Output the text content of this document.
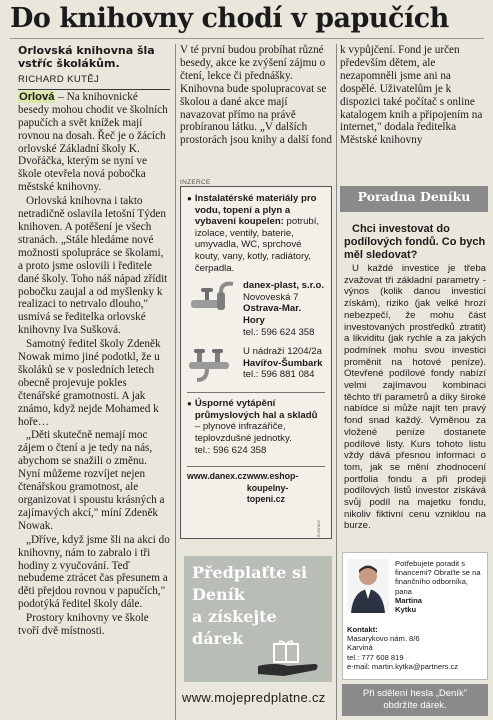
Do knihovny chodí v papučích

Orlovská knihovna šla vstříc školákům.

RICHARD KUTĚJ

Orlová – Na knihovnické besedy mohou chodit ve školních papučích a svět knížek mají rovnou na dosah. Řeč je o žácích orlovské Základní školy K. Dvořáčka, kterým se nyní ve škole otevřela nová pobočka městské knihovny.

Orlovská knihovna i takto netradičně oslavila letošní Týden knihoven. A potěšení je všech stranách. „Stále hledáme nové možnosti spolupráce se školami, a proto jsme oslovili i ředitele dané školy. Toho náš nápad zřídit pobočku zaujal a od myšlenky k realizaci to netrvalo dlouho," usmívá se ředitelka orlovské knihovny Iva Sušková.

Samotný ředitel školy Zdeněk Nowak mimo jiné podotkl, že u školáků se v posledních letech obecně projevuje pokles čtenářské gramotnosti. A jak známo, když nejde Mohamed k hoře…

„Děti skutečně nemají moc zájem o čtení a je tedy na nás, abychom se snažili o změnu. Nyní můžeme rozvíjet nejen čtenářskou gramotnost, ale organizovat i spoustu krásných a zajímavých akcí," míní Zdeněk Nowak.

„Dříve, když jsme šli na akci do knihovny, nám to zabralo i tři hodiny z vyučování. Teď nebudeme ztrácet čas přesunem a děti přejdou rovnou v papučích," podotýká ředitel školy dále.

Prostory knihovny ve škole tvoří dvě místnosti.

V té první budou probíhat různé besedy, akce ke zvýšení zájmu o čtení, lekce či přednášky. Knihovna bude spolupracovat se školou a dané akce mají navazovat přímo na právě probíranou látku. „V dalších prostorách jsou knihy a další fond

k vypůjčení. Fond je určen především dětem, ale nezapomněli jsme ani na dospělé. Uživatelům je k dispozici také počítač s online katalogem knih a připojením na internet," dodala ředitelka Městské knihovny

INZERCE
● Instalatérské materiály pro vodu, topení a plyn a vybavení koupelen: potrubí, izolace, ventily, baterie, umyvadla, WC, sprchové kouty, vany, kotly, radiátory, čerpadla.
danex-plast, s.r.o.
Novoveská 7
Ostrava-Mar. Hory
tel.: 596 624 358
U nádraží 1204/2a
Havířov-Šumbark
tel.: 596 881 084
● Úsporné vytápění průmyslových hal a skladů – plynové infrazářiče, teplovzdušné jednotky.
tel.: 596 624 358
www.danex.cz www.eshop-koupelny-topeni.cz
Poradna Deníku

Chci investovat do podílových fondů. Co bych měl sledovat?

U každé investice je třeba zvažovat tři základní parametry - výnos (kolik danou investicí získám), riziko (jak velké hrozí nebezpečí, že mohu část investovaných prostředků ztratit) a likviditu (jak rychle a za jakých podmínek mohu svou investici proměnit na hotové peníze). Otevřené podílové fondy nabízí velmi zajímavou kombinaci těchto tří parametrů a díky široké nabídce si může najít ten pravý fond snad každý. Vyměnou za vložené peníze dostanete podílové listy. Kurs tohoto listu vždy dává přesnou informaci o tom, jak se mění zhodnocení portfolia fondu a při prodeji podílových listů investor získává svůj podíl na majetku fondu, nikoliv fiktivní cenu vzniklou na burze.

Předplaťte si
Deník
a získejte
dárek
www.mojepredplatne.cz
Ilustrace
Potřebujete poradit s financemi? Obraťte se na finančního odborníka, pana
Martina
Kytku
Kontakt:
Masarykovo nám. 8/6
Karviná
tel.: 777 608 819
e-mail: martin.kytka@partners.cz
Při sdělení hesla „Deník"
obdržíte dárek.
